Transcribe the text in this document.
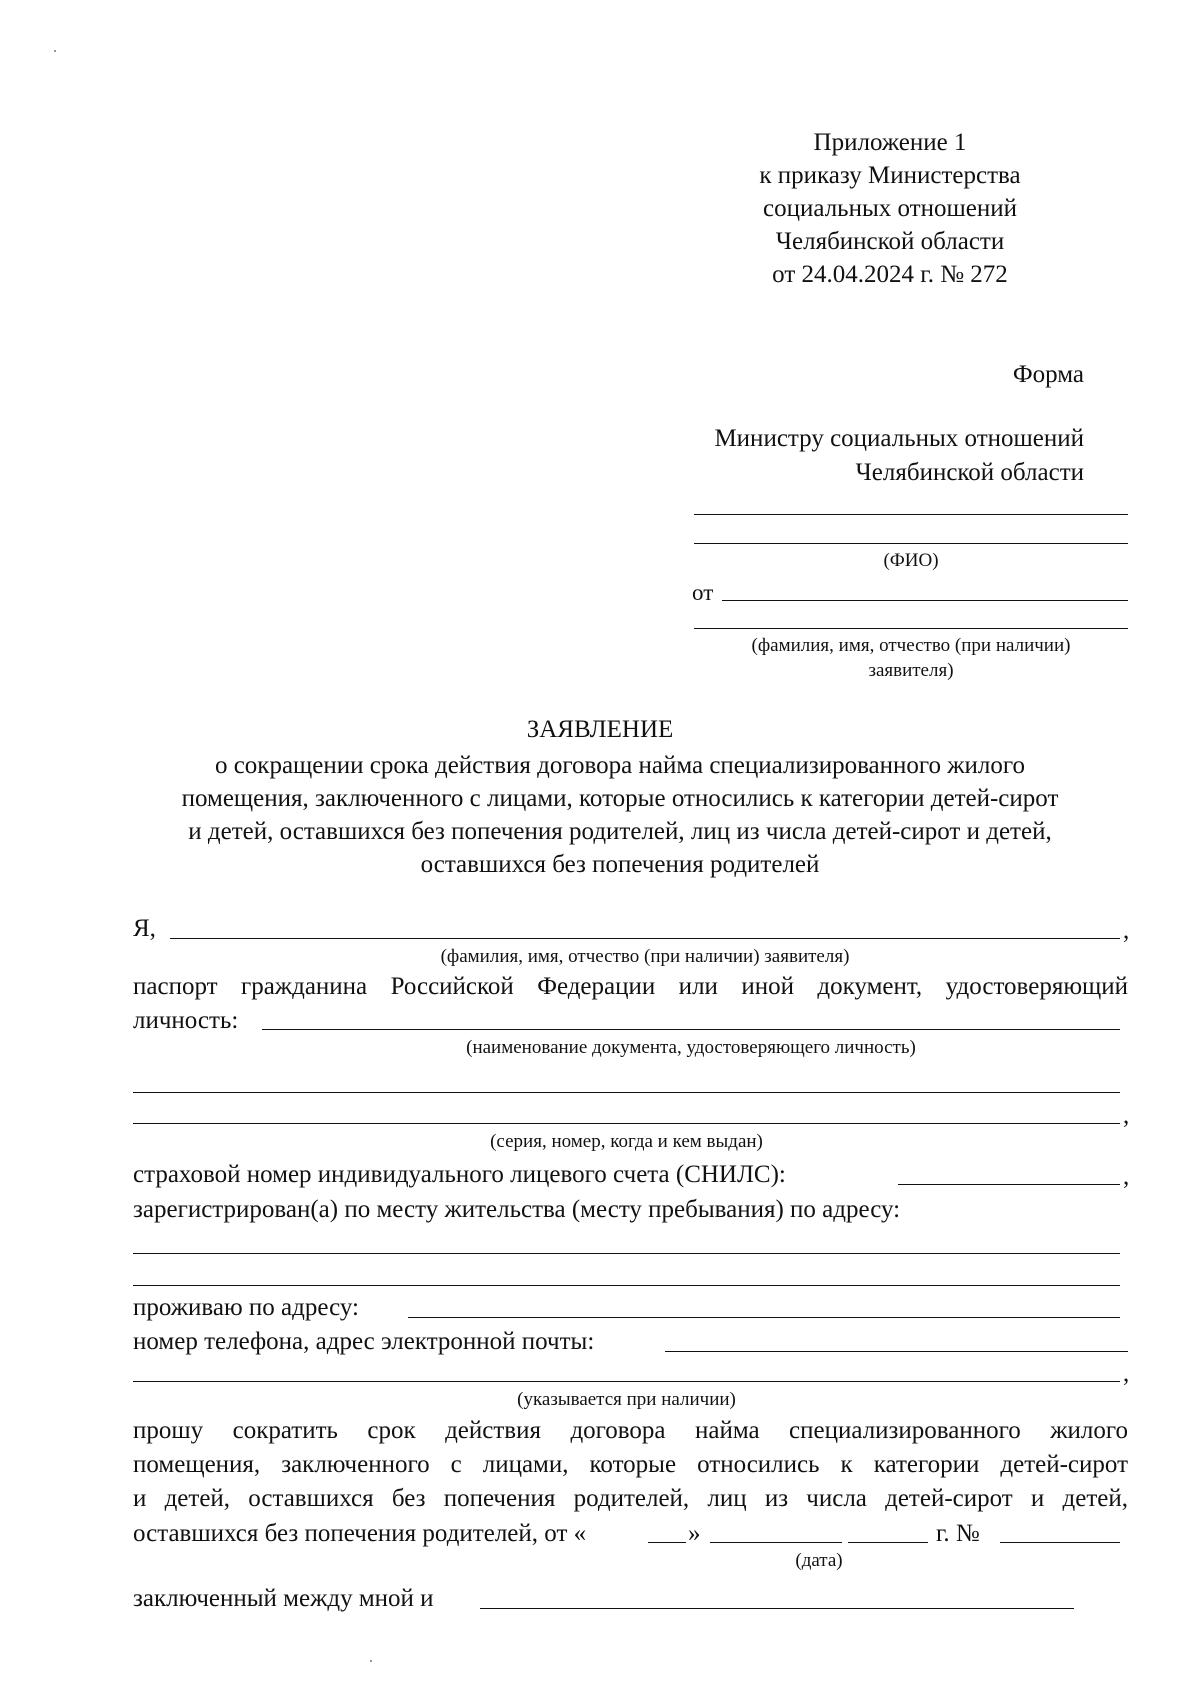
Приложение 1
к приказу Министерства
социальных отношений
Челябинской области
от 24.04.2024 г. № 272
Форма
Министру социальных отношений
Челябинской области
(ФИО)
от
(фамилия, имя, отчество (при наличии)
заявителя)
ЗАЯВЛЕНИЕ
о сокращении срока действия договора найма специализированного жилого
помещения, заключенного с лицами, которые относились к категории детей-сирот
и детей, оставшихся без попечения родителей, лиц из числа детей-сирот и детей,
оставшихся без попечения родителей
Я,	,
(фамилия, имя, отчество (при наличии) заявителя)
паспорт гражданина Российской Федерации или иной документ, удостоверяющий
личность:
(наименование документа, удостоверяющего личность)
,
(серия, номер, когда и кем выдан)
страховой номер индивидуального лицевого счета (СНИЛС):	,
зарегистрирован(а) по месту жительства (месту пребывания) по адресу:
проживаю по адресу:
номер телефона, адрес электронной почты:
,
(указывается при наличии)
прошу сократить срок действия договора найма специализированного жилого
помещения, заключенного с лицами, которые относились к категории детей-сирот
и детей, оставшихся без попечения родителей, лиц из числа детей-сирот и детей,
оставшихся без попечения родителей, от «	»	г. №
(дата)
заключенный между мной и
